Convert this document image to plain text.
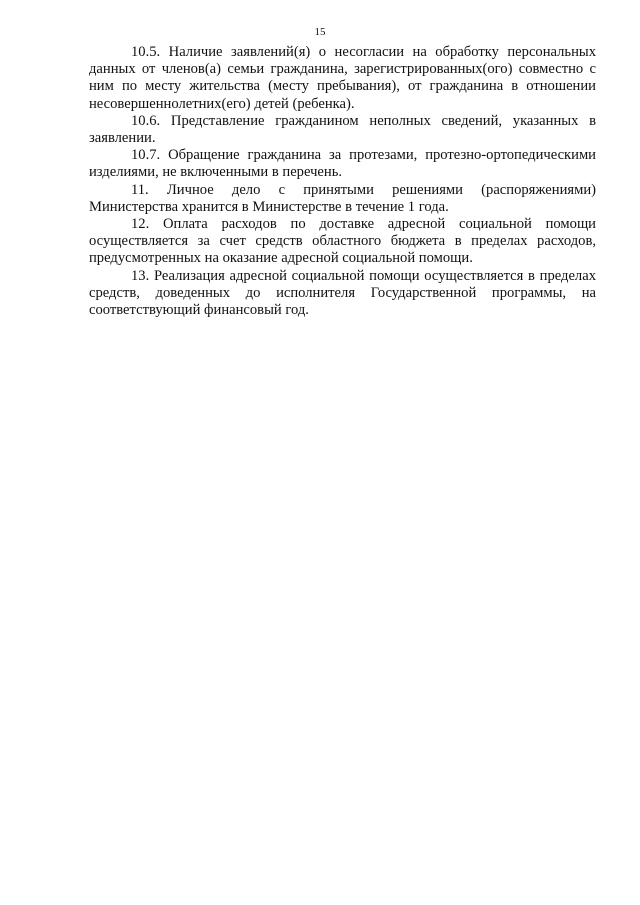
15

10.5. Наличие заявлений(я) о несогласии на обработку персональных данных от членов(а) семьи гражданина, зарегистрированных(ого) совместно с ним по месту жительства (месту пребывания), от гражданина в отношении несовершеннолетних(его) детей (ребенка).

10.6. Представление гражданином неполных сведений, указанных в заявлении.

10.7. Обращение гражданина за протезами, протезно-ортопедическими изделиями, не включенными в перечень.

11. Личное дело с принятыми решениями (распоряжениями) Министерства хранится в Министерстве в течение 1 года.

12. Оплата расходов по доставке адресной социальной помощи осуществляется за счет средств областного бюджета в пределах расходов, предусмотренных на оказание адресной социальной помощи.

13. Реализация адресной социальной помощи осуществляется в пределах средств, доведенных до исполнителя Государственной программы, на соответствующий финансовый год.
